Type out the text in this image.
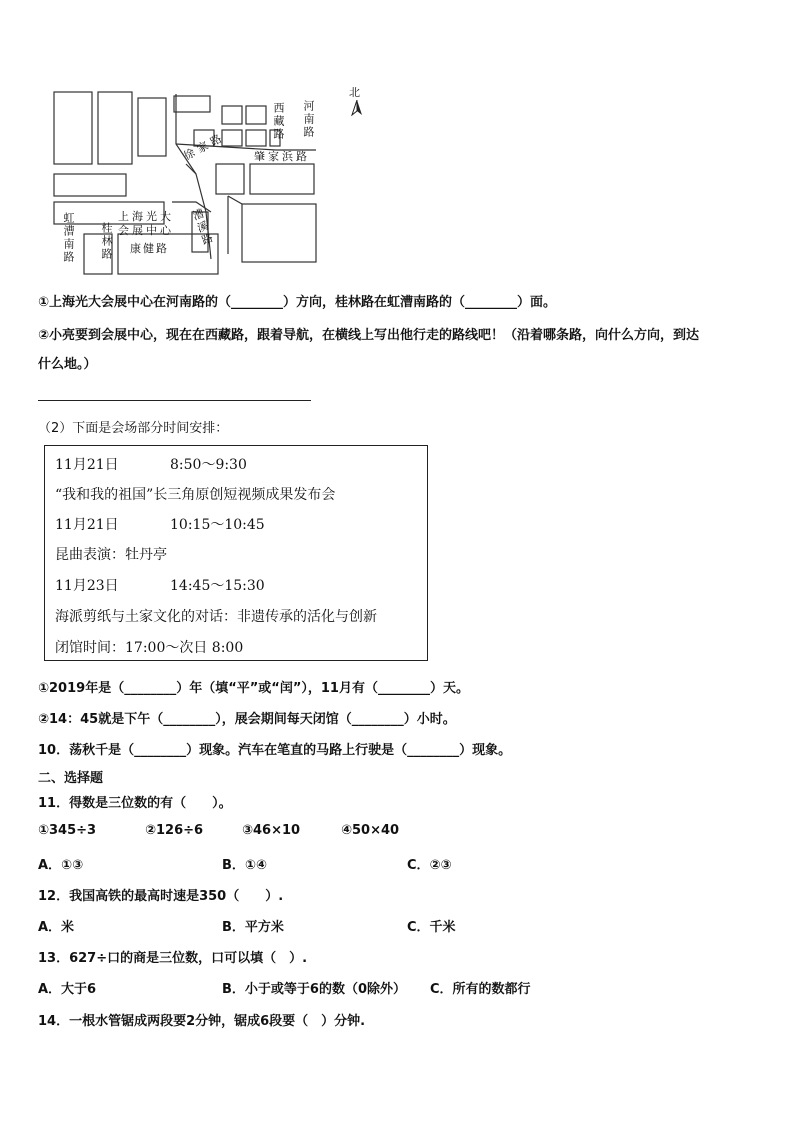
北
河南路
西藏路
徐家路 肇家浜路
漕溪路
虹漕南路 桂林路 康健路
上海光大
会展中心
①上海光大会展中心在河南路的（________）方向，桂林路在虹漕南路的（________）面。
②小亮要到会展中心，现在在西藏路，跟着导航，在横线上写出他行走的路线吧！（沿着哪条路，向什么方向，到达
什么地。）
（2）下面是会场部分时间安排：
11月21日	8:50～9:30
“我和我的祖国”长三角原创短视频成果发布会
11月21日	10:15～10:45
昆曲表演：牡丹亭
11月23日	14:45～15:30
海派剪纸与土家文化的对话：非遗传承的活化与创新
闭馆时间：17:00～次日 8:00
①2019年是（________）年（填“平”或“闰”），11月有（________）天。
②14：45就是下午（________），展会期间每天闭馆（________）小时。
10．荡秋千是（________）现象。汽车在笔直的马路上行驶是（________）现象。
二、选择题
11．得数是三位数的有（　　）。
①345÷3	②126÷6	③46×10	④50×40
A．①③	B．①④	C．②③
12．我国高铁的最高时速是350（　　）.
A．米	B．平方米	C．千米
13．627÷口的商是三位数，口可以填（　）.
A．大于6	B．小于或等于6的数（0除外） C．所有的数都行
14．一根水管锯成两段要2分钟，锯成6段要（　）分钟.
